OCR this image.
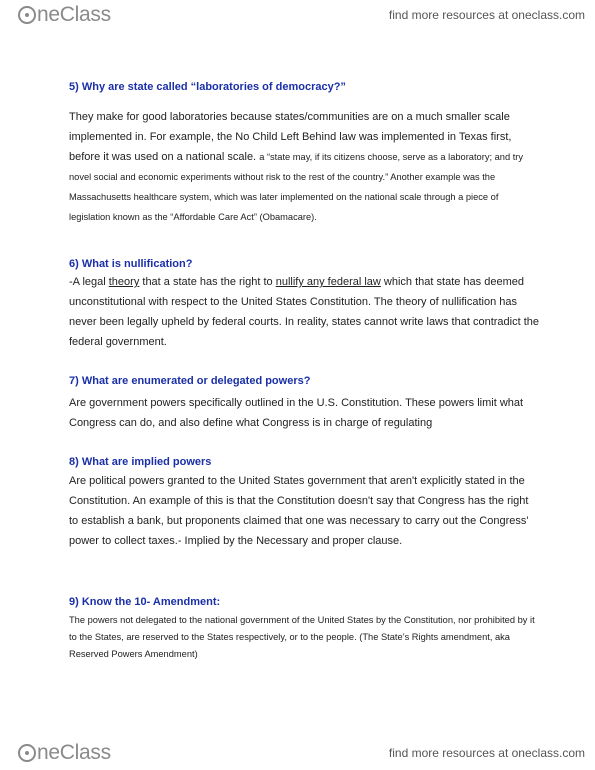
neClass	find more resources at oneclass.com
5) Why are state called “laboratories of democracy?”

They make for good laboratories because states/communities are on a much smaller scale implemented in. For example, the No Child Left Behind law was implemented in Texas first, before it was used on a national scale. a “state may, if its citizens choose, serve as a laboratory; and try novel social and economic experiments without risk to the rest of the country.” Another example was the Massachusetts healthcare system, which was later implemented on the national scale through a piece of legislation known as the “Affordable Care Act” (Obamacare).

6) What is nullification?

-A legal theory that a state has the right to nullify any federal law which that state has deemed unconstitutional with respect to the United States Constitution. The theory of nullification has never been legally upheld by federal courts. In reality, states cannot write laws that contradict the federal government.

7) What are enumerated or delegated powers?

Are government powers specifically outlined in the U.S. Constitution. These powers limit what Congress can do, and also define what Congress is in charge of regulating

8) What are implied powers

Are political powers granted to the United States government that aren't explicitly stated in the Constitution. An example of this is that the Constitution doesn't say that Congress has the right to establish a bank, but proponents claimed that one was necessary to carry out the Congress' power to collect taxes.- Implied by the Necessary and proper clause.

9) Know the 10- Amendment:

The powers not delegated to the national government of the United States by the Constitution, nor prohibited by it to the States, are reserved to the States respectively, or to the people. (The State’s Rights amendment, aka Reserved Powers Amendment)

neClass	find more resources at oneclass.com
